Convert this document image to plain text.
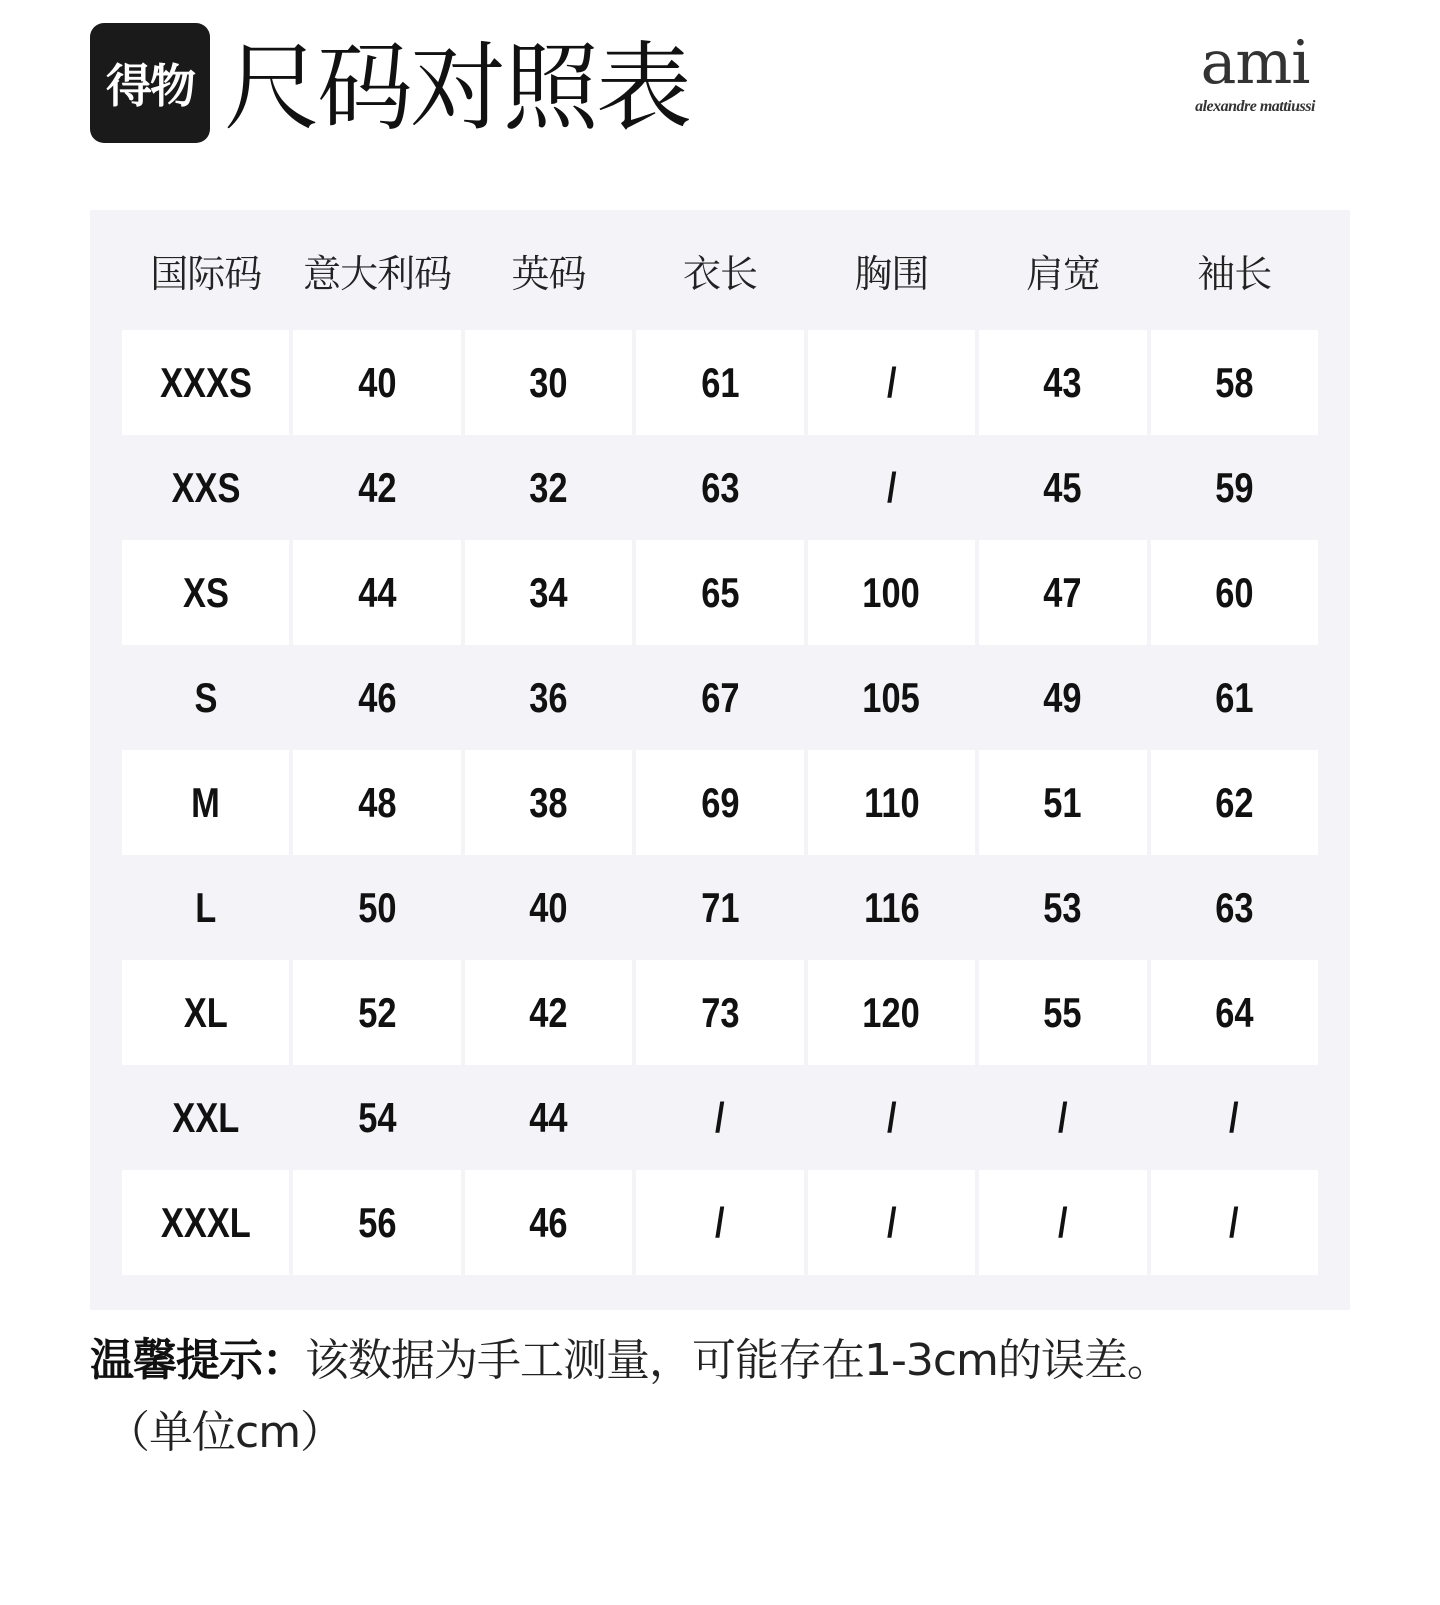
得物 尺码对照表	ami
alexandre mattiussi
国际码	意大利码	英码	衣长	胸围	肩宽	袖长
XXXS	40	30	61	/	43	58
XXS	42	32	63	/	45	59
XS	44	34	65	100	47	60
S	46	36	67	105	49	61
M	48	38	69	110	51	62
L	50	40	71	116	53	63
XL	52	42	73	120	55	64
XXL	54	44	/	/	/	/
XXXL	56	46	/	/	/	/
温馨提示：该数据为手工测量，可能存在1-3cm的误差。
（单位cm）
